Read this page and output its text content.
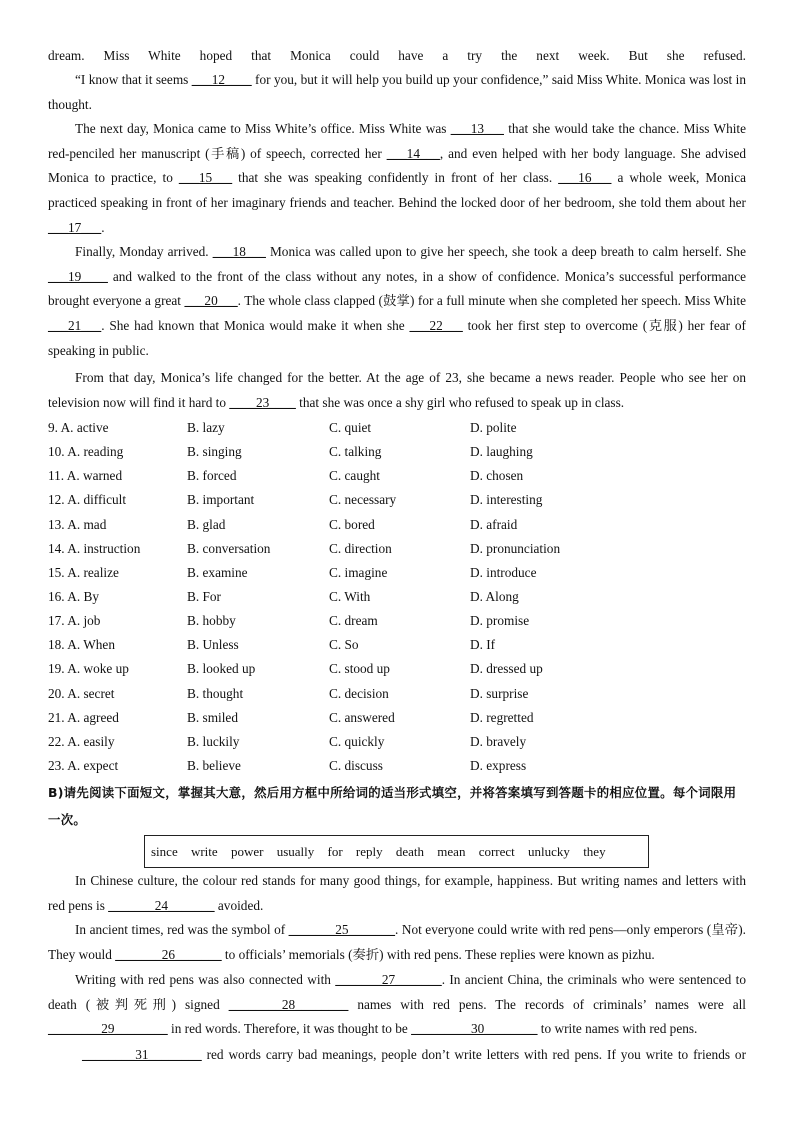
dream. Miss White hoped that Monica could have a try the next week. But she refused.

“I know that it seems ___12____ for you, but it will help you build up your confidence,” said Miss White. Monica was lost in thought.

The next day, Monica came to Miss White’s office. Miss White was ___13___ that she would take the chance. Miss White red-penciled her manuscript (手稿) of speech, corrected her ___14___, and even helped with her body language. She advised Monica to practice, to ___15___ that she was speaking confidently in front of her class. ___16___ a whole week, Monica practiced speaking in front of her imaginary friends and teacher. Behind the locked door of her bedroom, she told them about her ___17___.

Finally, Monday arrived. ___18___ Monica was called upon to give her speech, she took a deep breath to calm herself. She ___19____ and walked to the front of the class without any notes, in a show of confidence. Monica’s successful performance brought everyone a great ___20___. The whole class clapped (鼓掌) for a full minute when she completed her speech. Miss White ___21___. She had known that Monica would make it when she ___22___ took her first step to overcome (克服) her fear of speaking in public.

From that day, Monica’s life changed for the better. At the age of 23, she became a news reader. People who see her on television now will find it hard to ____23____ that she was once a shy girl who refused to speak up in class.

9. A. active	B. lazy	C. quiet	D. polite
10. A. reading	B. singing	C. talking	D. laughing
11. A. warned	B. forced	C. caught	D. chosen
12. A. difficult	B. important	C. necessary	D. interesting
13. A. mad	B. glad	C. bored	D. afraid
14. A. instruction	B. conversation	C. direction	D. pronunciation
15. A. realize	B. examine	C. imagine	D. introduce
16. A. By	B. For	C. With	D. Along
17. A. job	B. hobby	C. dream	D. promise
18. A. When	B. Unless	C. So	D. If
19. A. woke up	B. looked up	C. stood up	D. dressed up
20. A. secret	B. thought	C. decision	D. surprise
21. A. agreed	B. smiled	C. answered	D. regretted
22. A. easily	B. luckily	C. quickly	D. bravely
23. A. expect	B. believe	C. discuss	D. express
B)请先阅读下面短文，掌握其大意，然后用方框中所给词的适当形式填空，并将答案填写到答题卡的相应位置。每个词限用一次。
since write power usually for reply death mean correct unlucky they

In Chinese culture, the colour red stands for many good things, for example, happiness. But writing names and letters with red pens is _______24_______ avoided.

In ancient times, red was the symbol of _______25_______. Not everyone could write with red pens—only emperors (皇帝). They would _______26_______ to officials’ memorials (奏折) with red pens. These replies were known as pizhu.

Writing with red pens was also connected with _______27_______. In ancient China, the criminals who were sentenced to death (被判死刑) signed ________28________ names with red pens. The records of criminals’ names were all ________29________ in red words. Therefore, it was thought to be _________30________ to write names with red pens.

________31________ red words carry bad meanings, people don’t write letters with red pens. If you write to friends or
